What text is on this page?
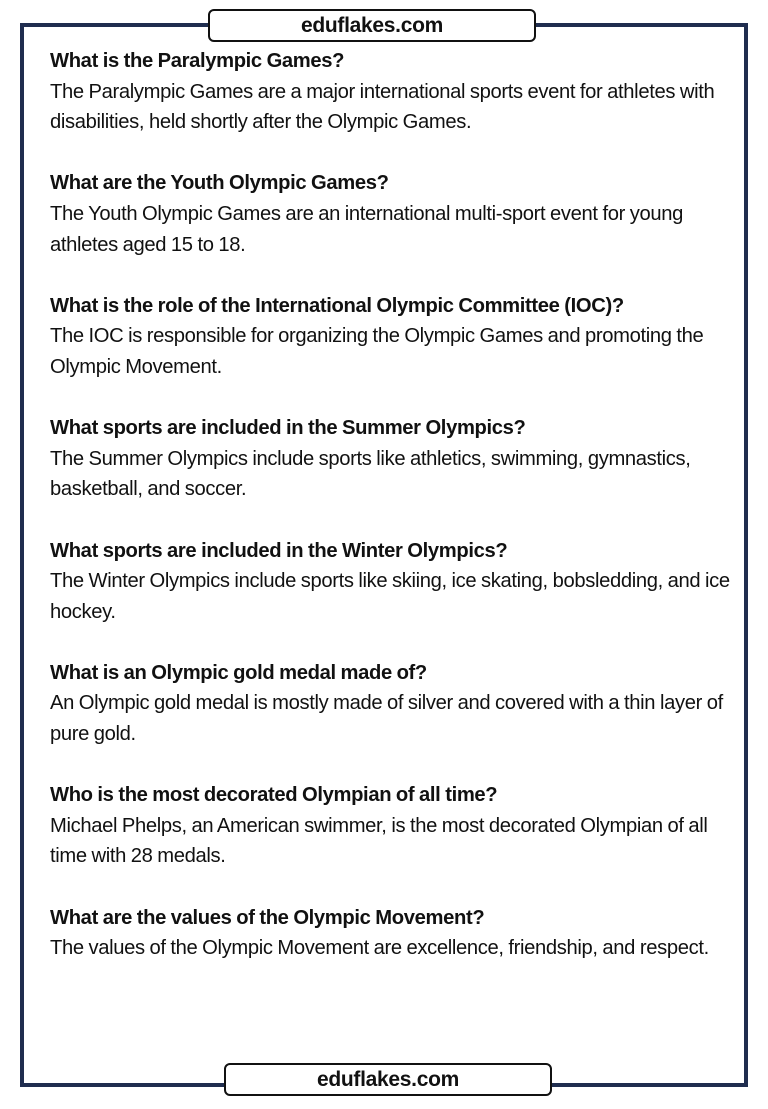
eduflakes.com

What is the Paralympic Games?

The Paralympic Games are a major international sports event for athletes with disabilities, held shortly after the Olympic Games.

What are the Youth Olympic Games?

The Youth Olympic Games are an international multi-sport event for young athletes aged 15 to 18.

What is the role of the International Olympic Committee (IOC)?

The IOC is responsible for organizing the Olympic Games and promoting the Olympic Movement.

What sports are included in the Summer Olympics?

The Summer Olympics include sports like athletics, swimming, gymnastics, basketball, and soccer.

What sports are included in the Winter Olympics?

The Winter Olympics include sports like skiing, ice skating, bobsledding, and ice hockey.

What is an Olympic gold medal made of?

An Olympic gold medal is mostly made of silver and covered with a thin layer of pure gold.

Who is the most decorated Olympian of all time?

Michael Phelps, an American swimmer, is the most decorated Olympian of all time with 28 medals.

What are the values of the Olympic Movement?

The values of the Olympic Movement are excellence, friendship, and respect.

eduflakes.com
